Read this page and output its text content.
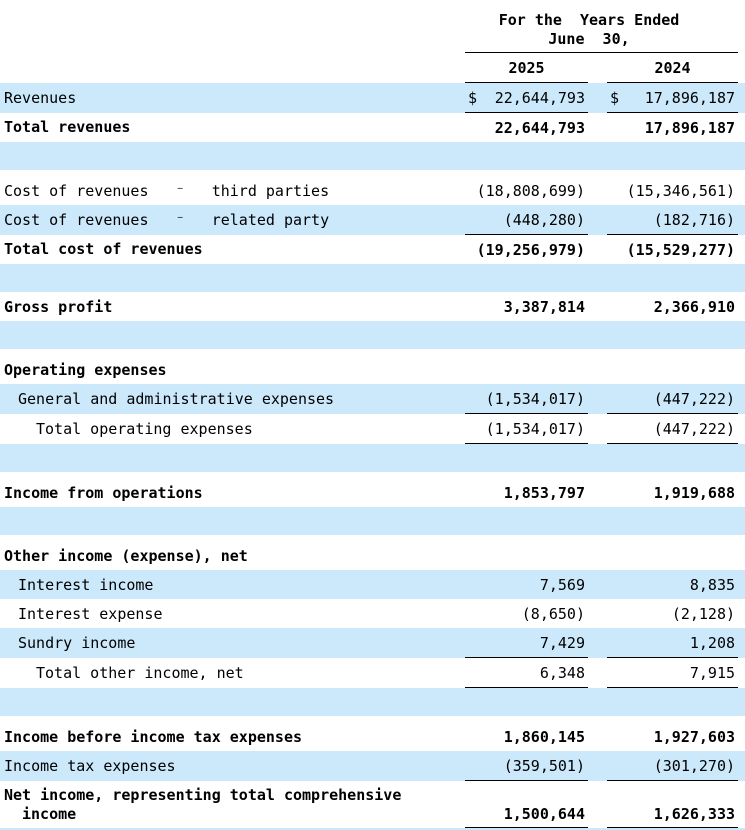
	For the  Years Ended
June  30,			

	2025		2024	
Revenues	$ 22,644,793		$ 17,896,187	

Total revenues	22,644,793		17,896,187	

Cost of revenues   ⁻   third parties	(18,808,699)		(15,346,561)	
Cost of revenues   ⁻   related party	(448,280)		(182,716)	
Total cost of revenues	(19,256,979)		(15,529,277)	

Gross profit	3,387,814		2,366,910	

Operating expenses				
General and administrative expenses	(1,534,017)		(447,222)	
Total operating expenses	(1,534,017)		(447,222)	

Income from operations	1,853,797		1,919,688	

Other income (expense), net				
Interest income	7,569		8,835	
Interest expense	(8,650)		(2,128)	
Sundry income	7,429		1,208	
Total other income, net	6,348		7,915	

Income before income tax expenses	1,860,145		1,927,603	
Income tax expenses	(359,501)		(301,270)	

Net income, representing total comprehensive
income	1,500,644		1,626,333	
